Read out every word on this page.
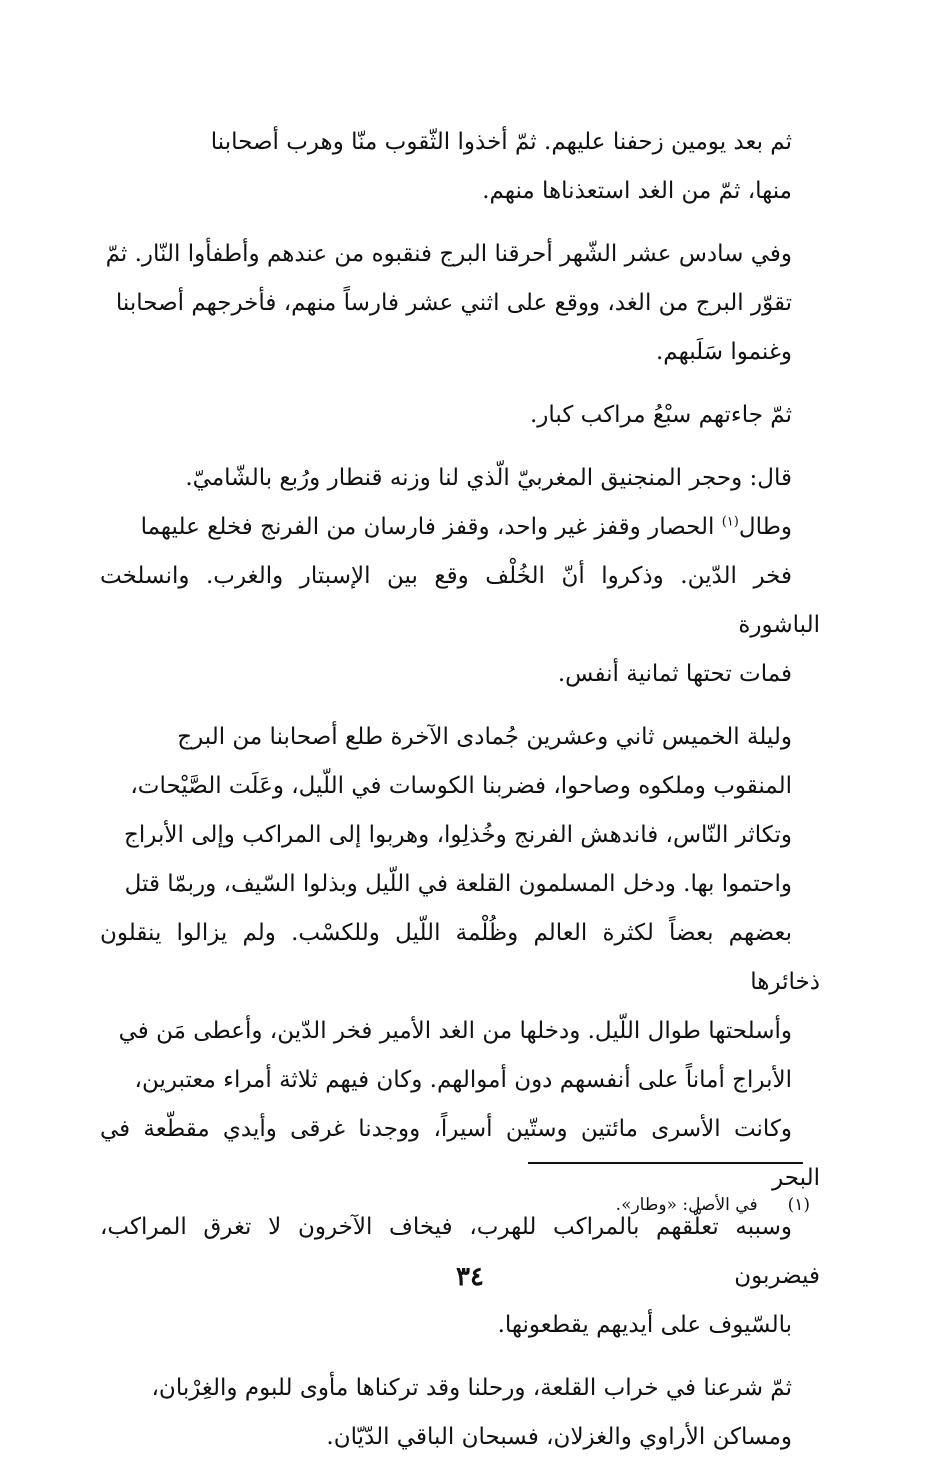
ثم بعد يومين زحفنا عليهم. ثمّ أخذوا الثّقوب منّا وهرب أصحابنا
منها، ثمّ من الغد استعذناها منهم.

وفي سادس عشر الشّهر أحرقنا البرج فنقبوه من عندهم وأطفأوا النّار. ثمّ
تقوّر البرج من الغد، ووقع على اثني عشر فارساً منهم، فأخرجهم أصحابنا
وغنموا سَلَبهم.

ثمّ جاءتهم سبْعُ مراكب كبار.

قال: وحجر المنجنيق المغربيّ الّذي لنا وزنه قنطار ورُبع بالشّاميّ.
وطال$^{(١)}$ الحصار وقفز غير واحد، وقفز فارسان من الفرنج فخلع عليهما
فخر الدّين. وذكروا أنّ الخُلْف وقع بين الإسبتار والغرب. وانسلخت الباشورة
فمات تحتها ثمانية أنفس.

وليلة الخميس ثاني وعشرين جُمادى الآخرة طلع أصحابنا من البرج
المنقوب وملكوه وصاحوا، فضربنا الكوسات في اللّيل، وعَلَت الصَّيْحات،
وتكاثر النّاس، فاندهش الفرنج وخُذلِوا، وهربوا إلى المراكب وإلى الأبراج
واحتموا بها. ودخل المسلمون القلعة في اللّيل وبذلوا السّيف، وربمّا قتل
بعضهم بعضاً لكثرة العالم وظُلْمة اللّيل وللكسْب. ولم يزالوا ينقلون ذخائرها
وأسلحتها طوال اللّيل. ودخلها من الغد الأمير فخر الدّين، وأعطى مَن في
الأبراج أماناً على أنفسهم دون أموالهم. وكان فيهم ثلاثة أمراء معتبرين،
وكانت الأسرى مائتين وستّين أسيراً، ووجدنا غرقى وأيدي مقطّعة في البحر
وسببه تعلّقهم بالمراكب للهرب، فيخاف الآخرون لا تغرق المراكب، فيضربون
بالسّيوف على أيديهم يقطعونها.

ثمّ شرعنا في خراب القلعة، ورحلنا وقد تركناها مأوى للبوم والغِرْبان،
ومساكن الأراوي والغزلان، فسبحان الباقي الدّيّان.

(١)في الأصل: «وطار».
٣٤
